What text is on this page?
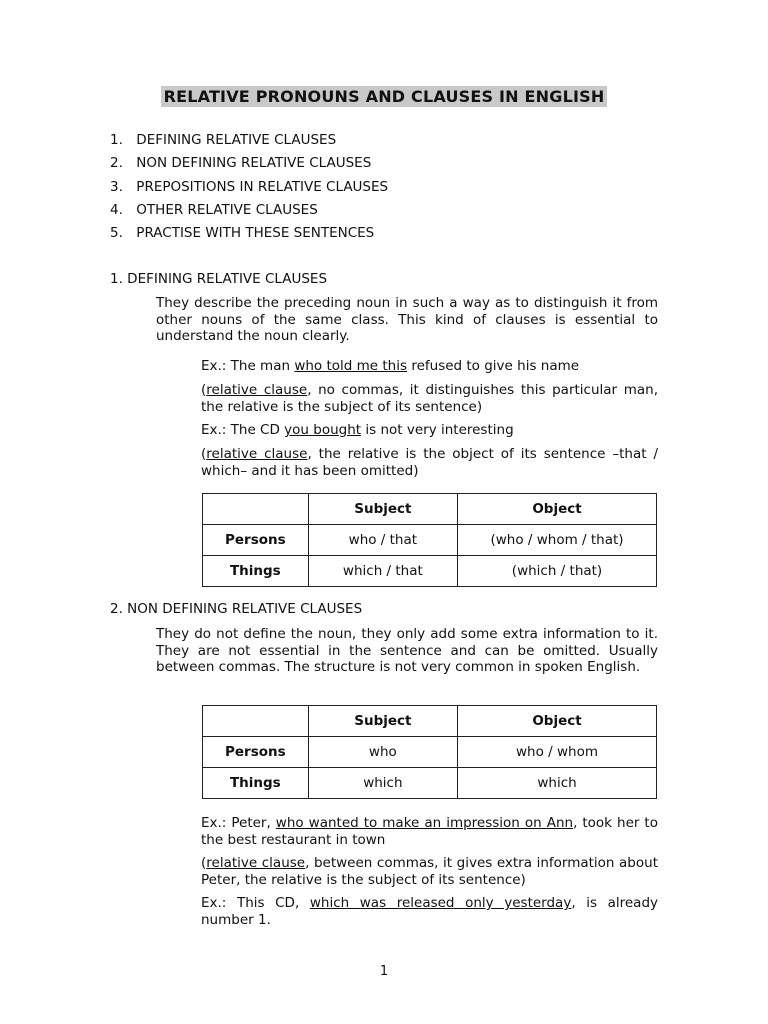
RELATIVE PRONOUNS AND CLAUSES IN ENGLISH
1. DEFINING RELATIVE CLAUSES
2. NON DEFINING RELATIVE CLAUSES
3. PREPOSITIONS IN RELATIVE CLAUSES
4. OTHER RELATIVE CLAUSES
5. PRACTISE WITH THESE SENTENCES
1. DEFINING RELATIVE CLAUSES

They describe the preceding noun in such a way as to distinguish it from other nouns of the same class. This kind of clauses is essential to understand the noun clearly.

Ex.: The man who told me this refused to give his name

(relative clause, no commas, it distinguishes this particular man, the relative is the subject of its sentence)

Ex.: The CD you bought is not very interesting

(relative clause, the relative is the object of its sentence –that / which– and it has been omitted)

	Subject	Object
Persons	who / that	(who / whom / that)
Things	which / that	(which / that)
2. NON DEFINING RELATIVE CLAUSES

They do not define the noun, they only add some extra information to it. They are not essential in the sentence and can be omitted. Usually between commas. The structure is not very common in spoken English.

	Subject	Object
Persons	who	who / whom
Things	which	which

Ex.: Peter, who wanted to make an impression on Ann, took her to the best restaurant in town

(relative clause, between commas, it gives extra information about Peter, the relative is the subject of its sentence)

Ex.: This CD, which was released only yesterday, is already number 1.

1
